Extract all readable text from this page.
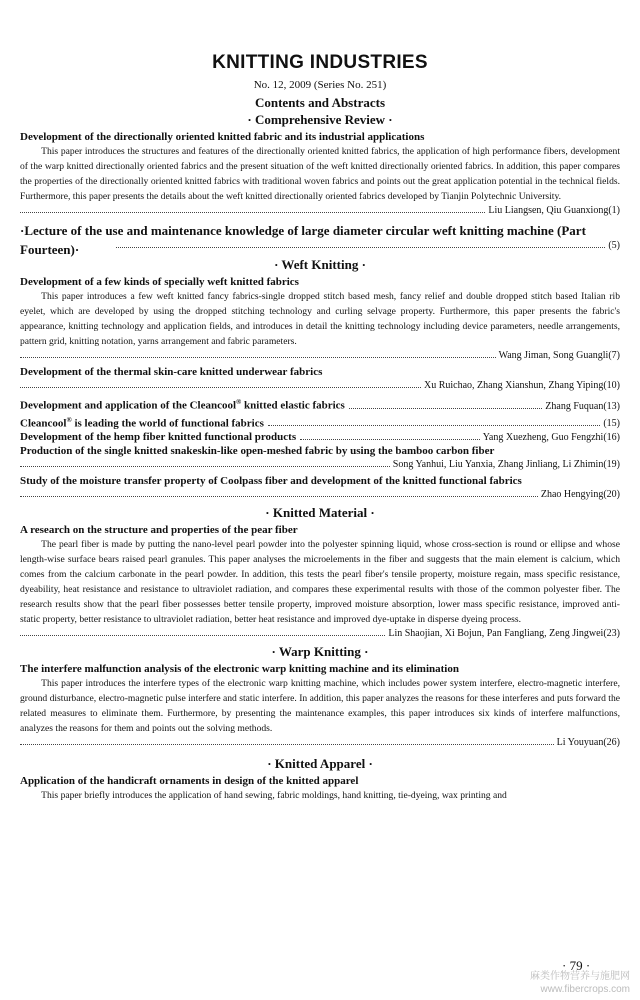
KNITTING INDUSTRIES
No. 12, 2009 (Series No. 251)
Contents and Abstracts
· Comprehensive Review ·

Development of the directionally oriented knitted fabric and its industrial applications

This paper introduces the structures and features of the directionally oriented knitted fabrics, the application of high performance fibers, development of the warp knitted directionally oriented fabrics and the present situation of the weft knitted directionally oriented fabrics. In addition, this paper compares the properties of the directionally oriented knitted fabrics with traditional woven fabrics and points out the great application potential in the technical fields. Furthermore, this paper presents the details about the weft knitted directionally oriented fabrics developed by Tianjin Polytechnic University.

Liu Liangsen, Qiu Guanxiong(1)
·Lecture of the use and maintenance knowledge of large diameter circular weft knitting machine (Part Fourteen)·	(5)
· Weft Knitting ·

Development of a few kinds of specially weft knitted fabrics

This paper introduces a few weft knitted fancy fabrics-single dropped stitch based mesh, fancy relief and double dropped stitch based Italian rib eyelet, which are developed by using the dropped stitching technology and curling selvage property. Furthermore, this paper presents the fabric's appearance, knitting technology and application fields, and introduces in detail the knitting technology including device parameters, needle arrangements, pattern grid, knitting notation, yarns arrangement and fabric parameters.

Wang Jiman, Song Guangli(7)

Development of the thermal skin-care knitted underwear fabrics

Xu Ruichao, Zhang Xianshun, Zhang Yiping(10)
Development and application of the Cleancool® knitted elastic fabrics	Zhang Fuquan(13)
Cleancool® is leading the world of functional fabrics	(15)
Development of the hemp fiber knitted functional products	Yang Xuezheng, Guo Fengzhi(16)

Production of the single knitted snakeskin-like open-meshed fabric by using the bamboo carbon fiber

Song Yanhui, Liu Yanxia, Zhang Jinliang, Li Zhimin(19)

Study of the moisture transfer property of Coolpass fiber and development of the knitted functional fabrics

Zhao Hengying(20)
· Knitted Material ·

A research on the structure and properties of the pear fiber

The pearl fiber is made by putting the nano-level pearl powder into the polyester spinning liquid, whose cross-section is round or ellipse and whose length-wise surface bears raised pearl granules. This paper analyses the microelements in the fiber and suggests that the main element is calcium, which comes from the calcium carbonate in the pearl powder. In addition, this tests the pearl fiber's tensile property, moisture regain, mass specific resistance, dyeability, heat resistance and resistance to ultraviolet radiation, and compares these experimental results with those of the common polyester fiber. The research results show that the pearl fiber possesses better tensile property, improved moisture absorption, lower mass specific resistance, improved anti-static property, better resistance to ultraviolet radiation, better heat resistance and improved dye-uptake in disperse dyeing process.

Lin Shaojian, Xi Bojun, Pan Fangliang, Zeng Jingwei(23)
· Warp Knitting ·

The interfere malfunction analysis of the electronic warp knitting machine and its elimination

This paper introduces the interfere types of the electronic warp knitting machine, which includes power system interfere, electro-magnetic interfere, ground disturbance, electro-magnetic pulse interfere and static interfere. In addition, this paper analyzes the reasons for these interferes and puts forward the related measures to eliminate them. Furthermore, by presenting the maintenance examples, this paper introduces six kinds of interfere malfunctions, analyzes the reasons for them and points out the solving methods.

Li Youyuan(26)
· Knitted Apparel ·

Application of the handicraft ornaments in design of the knitted apparel

This paper briefly introduces the application of hand sewing, fabric moldings, hand knitting, tie-dyeing, wax printing and

· 79 ·
麻类作物营养与施肥网
www.fibercrops.com
